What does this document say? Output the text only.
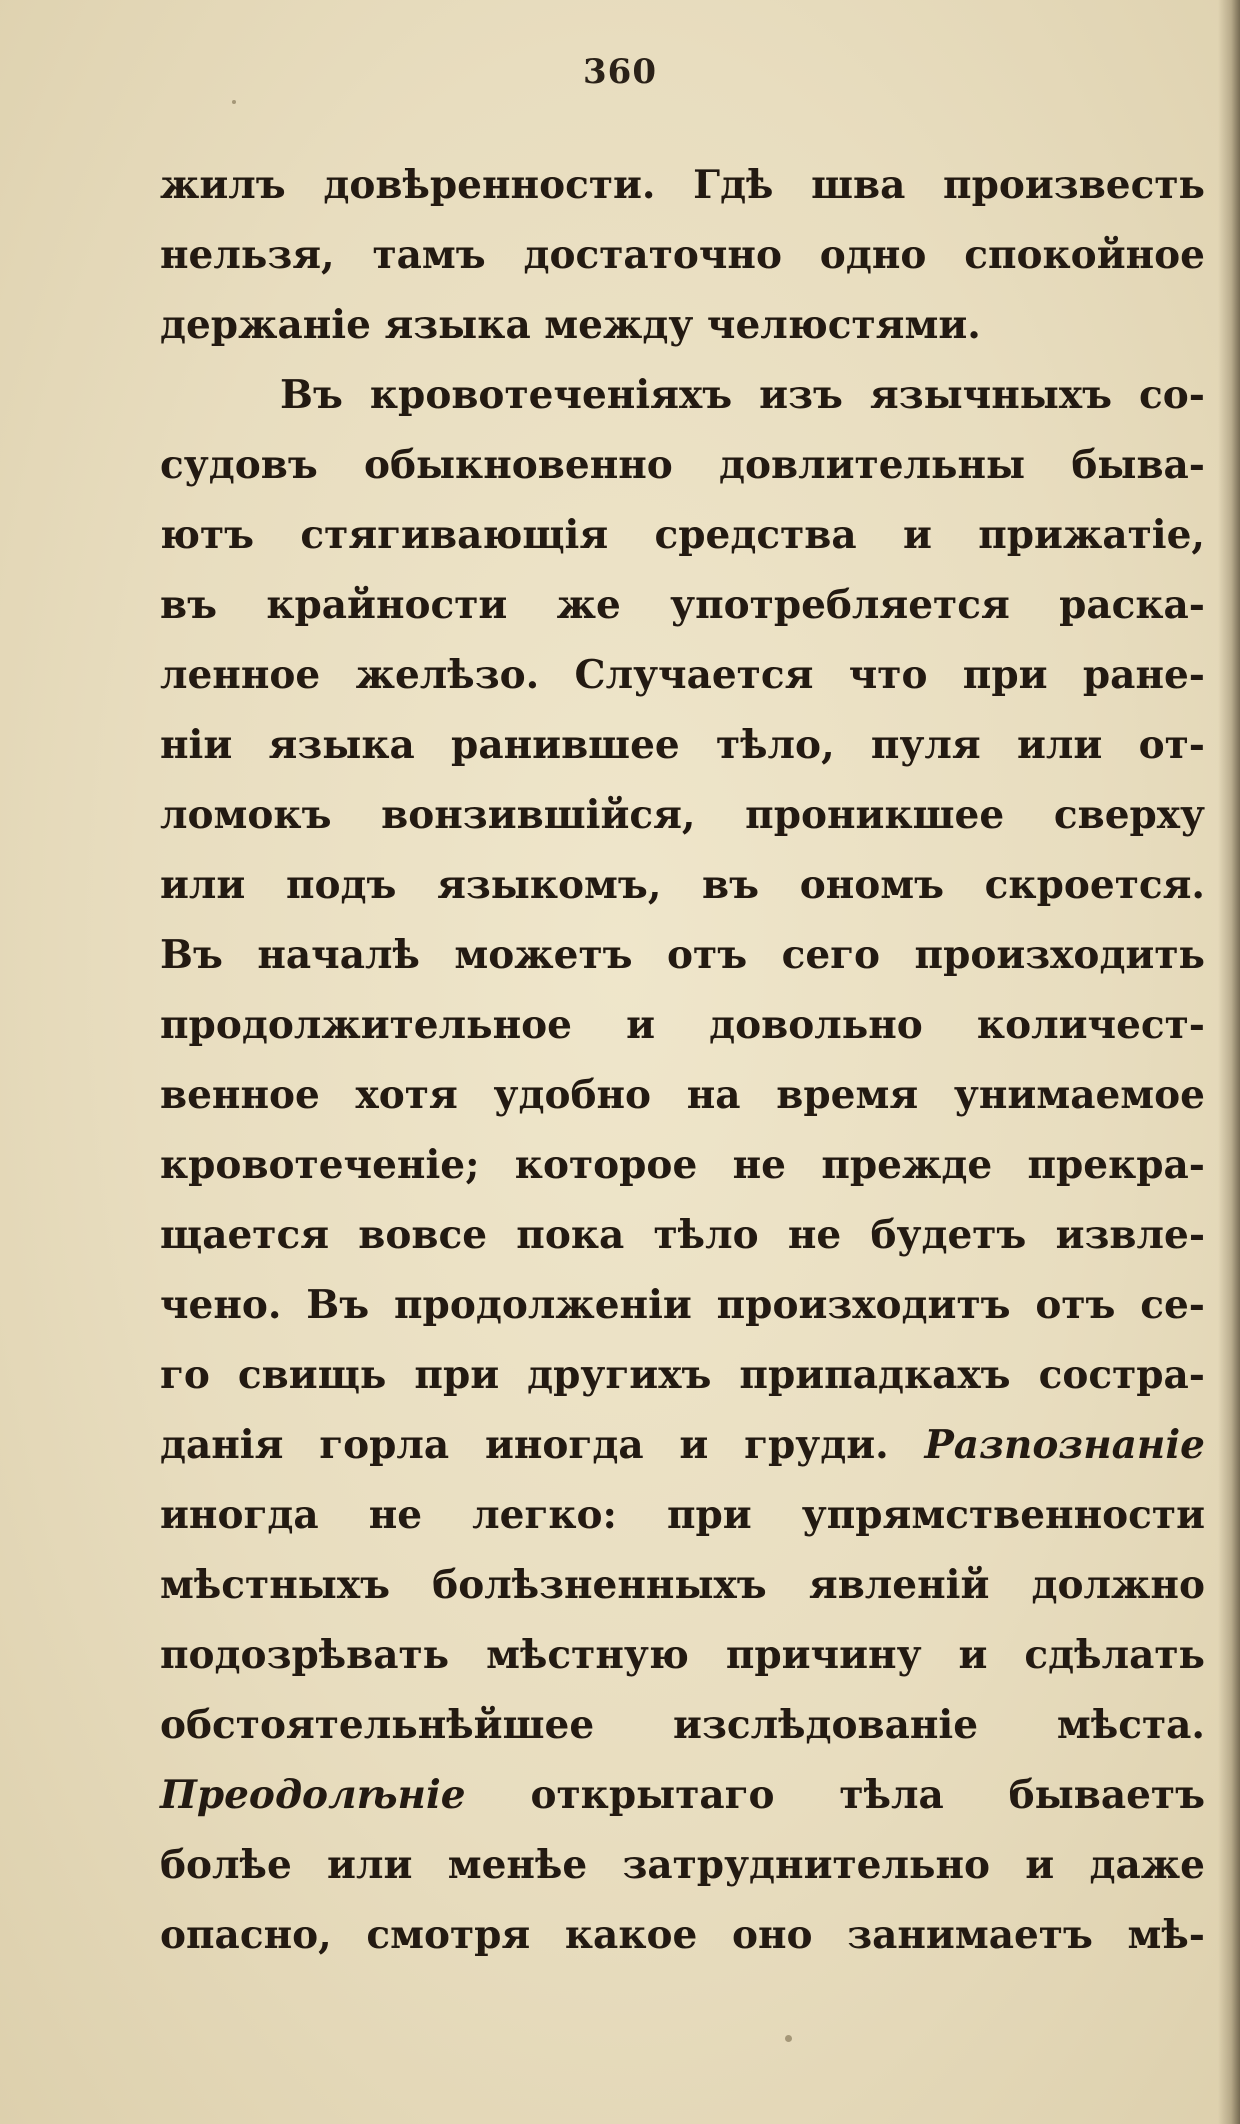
360
жилъ довѣренности. Гдѣ шва произвесть
нельзя, тамъ достаточно одно спокойное
держаніе языка между челюстями.
Въ кровотеченіяхъ изъ язычныхъ со-
судовъ обыкновенно довлительны быва-
ютъ стягивающія средства и прижатіе,
въ крайности же употребляется раска-
ленное желѣзо. Случается что при ране-
ніи языка ранившее тѣло, пуля или от-
ломокъ вонзившійся, проникшее сверху
или подъ языкомъ, въ ономъ скроется.
Въ началѣ можетъ отъ сего произходить
продолжительное и довольно количест-
венное хотя удобно на время унимаемое
кровотеченіе; которое не прежде прекра-
щается вовсе пока тѣло не будетъ извле-
чено. Въ продолженіи произходитъ отъ се-
го свищь при другихъ припадкахъ сострa-
данія горла иногда и груди. Разпознаніе
иногда не легко: при упрямственности
мѣстныхъ болѣзненныхъ явленій должно
подозрѣвать мѣстную причину и сдѣлать
обстоятельнѣйшее изслѣдованіе мѣста.
Преодолѣніе открытаго тѣла бываетъ
болѣе или менѣе затруднительно и даже
опасно, смотря какое оно занимаетъ мѣ-
